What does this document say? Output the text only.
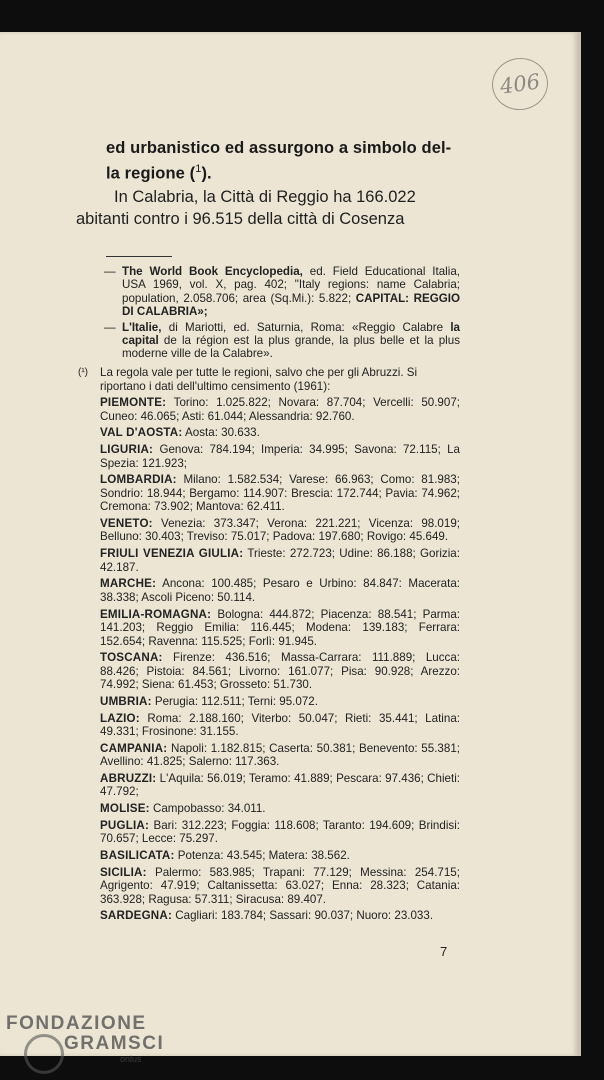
406
ed urbanistico ed assurgono a simbolo del-
la regione ($^1$).
In Calabria, la Città di Reggio ha 166.022
abitanti contro i 96.515 della città di Cosenza
— The World Book Encyclopedia, ed. Field Educational Italia, USA 1969, vol. X, pag. 402; "Italy regions: name Calabria; population, 2.058.706; area (Sq.Mi.): 5.822; CAPITAL: REGGIO DI CALABRIA»;
— L'Italie, di Mariotti, ed. Saturnia, Roma: «Reggio Calabre la capital de la région est la plus grande, la plus belle et la plus moderne ville de la Calabre».
(¹)	La regola vale per tutte le regioni, salvo che per gli Abruzzi. Si riportano i dati dell'ultimo censimento (1961):
PIEMONTE: Torino: 1.025.822; Novara: 87.704; Vercelli: 50.907; Cuneo: 46.065; Asti: 61.044; Alessandria: 92.760.
VAL D'AOSTA: Aosta: 30.633.
LIGURIA: Genova: 784.194; Imperia: 34.995; Savona: 72.115; La Spezia: 121.923;
LOMBARDIA: Milano: 1.582.534; Varese: 66.963; Como: 81.983; Sondrio: 18.944; Bergamo: 114.907: Brescia: 172.744; Pavia: 74.962; Cremona: 73.902; Mantova: 62.411.
VENETO: Venezia: 373.347; Verona: 221.221; Vicenza: 98.019; Belluno: 30.403; Treviso: 75.017; Padova: 197.680; Rovigo: 45.649.
FRIULI VENEZIA GIULIA: Trieste: 272.723; Udine: 86.188; Gorizia: 42.187.
MARCHE: Ancona: 100.485; Pesaro e Urbino: 84.847: Macerata: 38.338; Ascoli Piceno: 50.114.
EMILIA-ROMAGNA: Bologna: 444.872; Piacenza: 88.541; Parma: 141.203; Reggio Emilia: 116.445; Modena: 139.183; Ferrara: 152.654; Ravenna: 115.525; Forlì: 91.945.
TOSCANA: Firenze: 436.516; Massa-Carrara: 111.889; Lucca: 88.426; Pistoia: 84.561; Livorno: 161.077; Pisa: 90.928; Arezzo: 74.992; Siena: 61.453; Grosseto: 51.730.
UMBRIA: Perugia: 112.511; Terni: 95.072.
LAZIO: Roma: 2.188.160; Viterbo: 50.047; Rieti: 35.441; Latina: 49.331; Frosinone: 31.155.
CAMPANIA: Napoli: 1.182.815; Caserta: 50.381; Benevento: 55.381; Avellino: 41.825; Salerno: 117.363.
ABRUZZI: L'Aquila: 56.019; Teramo: 41.889; Pescara: 97.436; Chieti: 47.792;
MOLISE: Campobasso: 34.011.
PUGLIA: Bari: 312.223; Foggia: 118.608; Taranto: 194.609; Brindisi: 70.657; Lecce: 75.297.
BASILICATA: Potenza: 43.545; Matera: 38.562.
SICILIA: Palermo: 583.985; Trapani: 77.129; Messina: 254.715; Agrigento: 47.919; Caltanissetta: 63.027; Enna: 28.323; Catania: 363.928; Ragusa: 57.311; Siracusa: 89.407.
SARDEGNA: Cagliari: 183.784; Sassari: 90.037; Nuoro: 23.033.
7
FONDAZIONE
GRAMSCI
onlus
